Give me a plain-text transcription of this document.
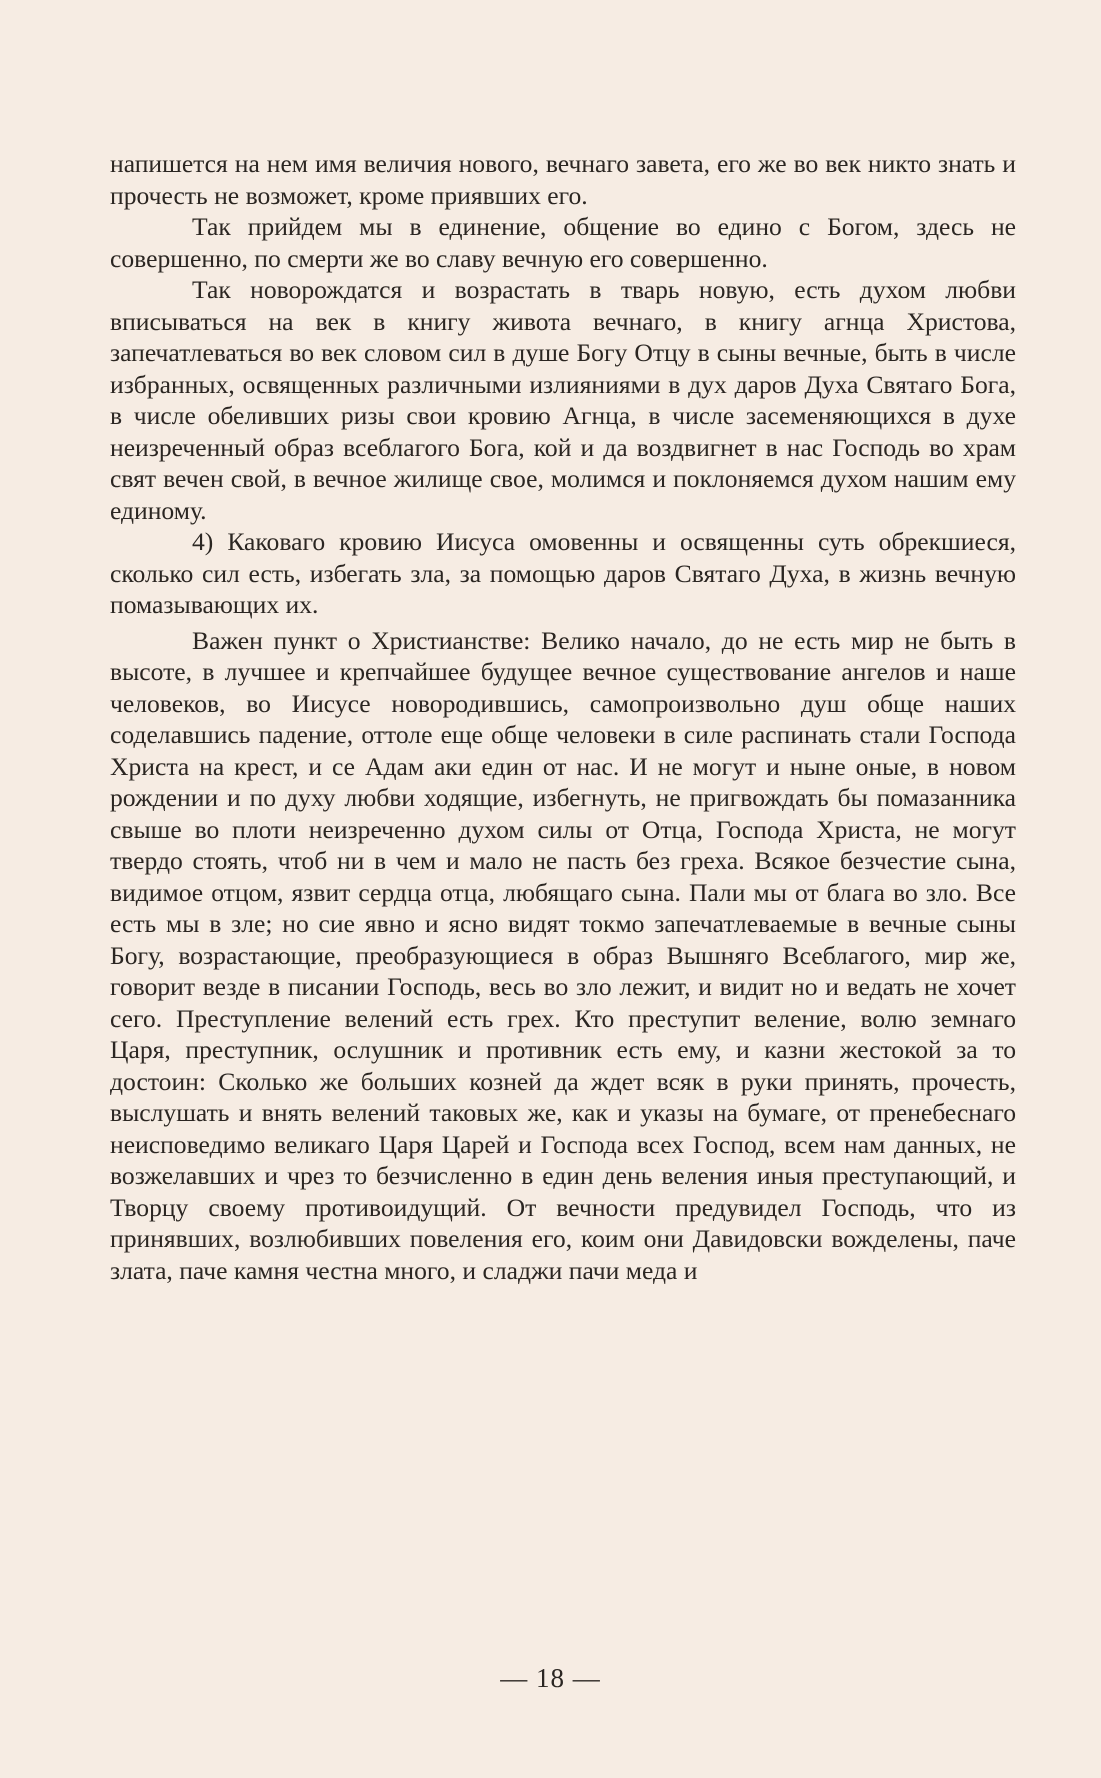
напишется на нем имя величия нового, вечнаго завета, его же во век никто знать и прочесть не возможет, кроме приявших его.

Так прийдем мы в единение, общение во едино с Богом, здесь не совершенно, по смерти же во славу вечную его совершенно.

Так новорождатся и возрастать в тварь новую, есть духом любви вписываться на век в книгу живота вечнаго, в книгу агнца Христова, запечатлеваться во век словом сил в душе Богу Отцу в сыны вечные, быть в числе избранных, освященных различными излияниями в дух даров Духа Святаго Бога, в числе обеливших ризы свои кровию Агнца, в числе засеменяющихся в духе неизреченный образ всеблагого Бога, кой и да воздвигнет в нас Господь во храм свят вечен свой, в вечное жилище свое, молимся и поклоняемся духом нашим ему единому.

4) Каковаго кровию Иисуса омовенны и освященны суть обрекшиеся, сколько сил есть, избегать зла, за помощью даров Святаго Духа, в жизнь вечную помазывающих их.

Важен пункт о Христианстве: Велико начало, до не есть мир не быть в высоте, в лучшее и крепчайшее будущее вечное существование ангелов и наше человеков, во Иисусе новородившись, самопроизвольно душ обще наших соделавшись падение, оттоле еще обще человеки в силе распинать стали Господа Христа на крест, и се Адам аки един от нас. И не могут и ныне оные, в новом рождении и по духу любви ходящие, избегнуть, не пригвождать бы помазанника свыше во плоти неизреченно духом силы от Отца, Господа Христа, не могут твердо стоять, чтоб ни в чем и мало не пасть без греха. Всякое безчестие сына, видимое отцом, язвит сердца отца, любящаго сына. Пали мы от блага во зло. Все есть мы в зле; но сие явно и ясно видят токмо запечатлеваемые в вечные сыны Богу, возрастающие, преобразующиеся в образ Вышняго Всеблагого, мир же, говорит везде в писании Господь, весь во зло лежит, и видит но и ведать не хочет сего. Преступление велений есть грех. Кто преступит веление, волю земнаго Царя, преступник, ослушник и противник есть ему, и казни жестокой за то достоин: Сколько же больших козней да ждет всяк в руки принять, прочесть, выслушать и внять велений таковых же, как и указы на бумаге, от пренебеснаго неисповедимо великаго Царя Царей и Господа всех Господ, всем нам данных, не возжелавших и чрез то безчисленно в един день веления иныя преступающий, и Творцу своему противоидущий. От вечности предувидел Господь, что из принявших, возлюбивших повеления его, коим они Давидовски вожделены, паче злата, паче камня честна много, и сладжи пачи меда и

— 18 —
